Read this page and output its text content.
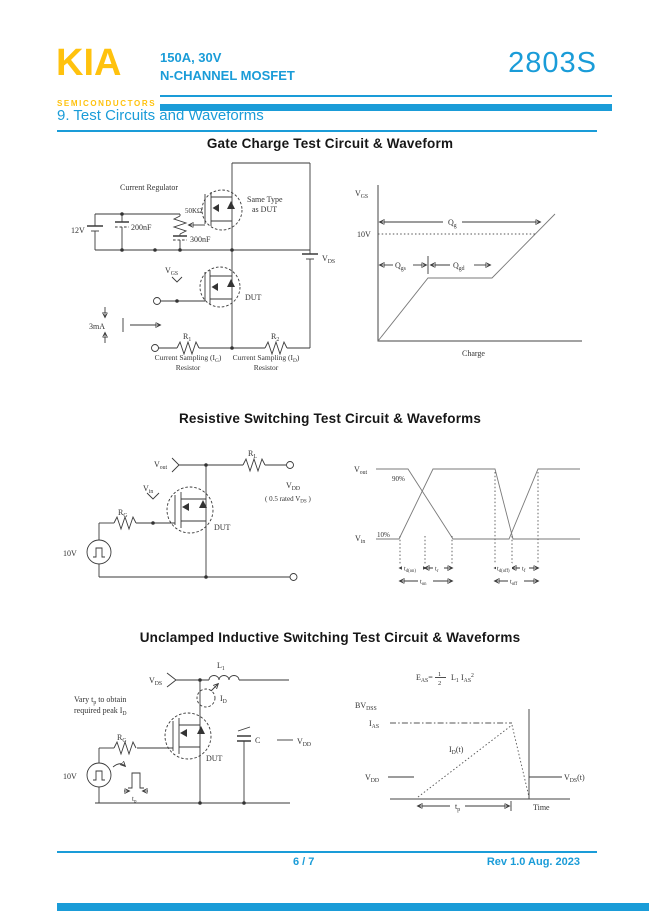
KIA
SEMICONDUCTORS
150A, 30V
N-CHANNEL MOSFET	2803S
9. Test Circuits and Waveforms
Gate Charge Test Circuit & Waveform
Resistive Switching Test Circuit & Waveforms
Unclamped Inductive Switching Test Circuit & Waveforms
Current Regulator
12V	200nF
50KΩ
300nF
Same Type
as DUT
$V_{GS}$
DUT
3mA
$R_1$	$R_2$
Current Sampling $(I_G)$
Resistor
Current Sampling $(I_D)$
Resistor
$V_{DS}$
$V_{GS}$
10V
$Q_g$
$Q_{gs}$	$Q_{gd}$
Charge
$V_{out}$
$R_L$
$V_{DD}$
( 0.5 rated $V_{DS}$ )
$V_{in}$
$R_G$
10V
DUT
$V_{out}$
90%
$V_{in}$
10%
$t_{d(on)}$	$t_r$
$t_{on}$
$t_{d(off)}$ $t_f$
$t_{off}$
Vary $t_p$ to obtain
required peak $I_D$
$V_{DS}$
$L_1$
$I_D$
$R_G$
10V
$t_p$
DUT
C	$V_{DD}$
$E_{AS}= 1$
2
$L_1$ $I_{AS}^2$
$BV_{DSS}$
$I_{AS}$
$I_D(t)$
$V_{DD}$	$V_{DS}(t)$
Time
$t_p$
6 / 7	Rev 1.0 Aug. 2023
